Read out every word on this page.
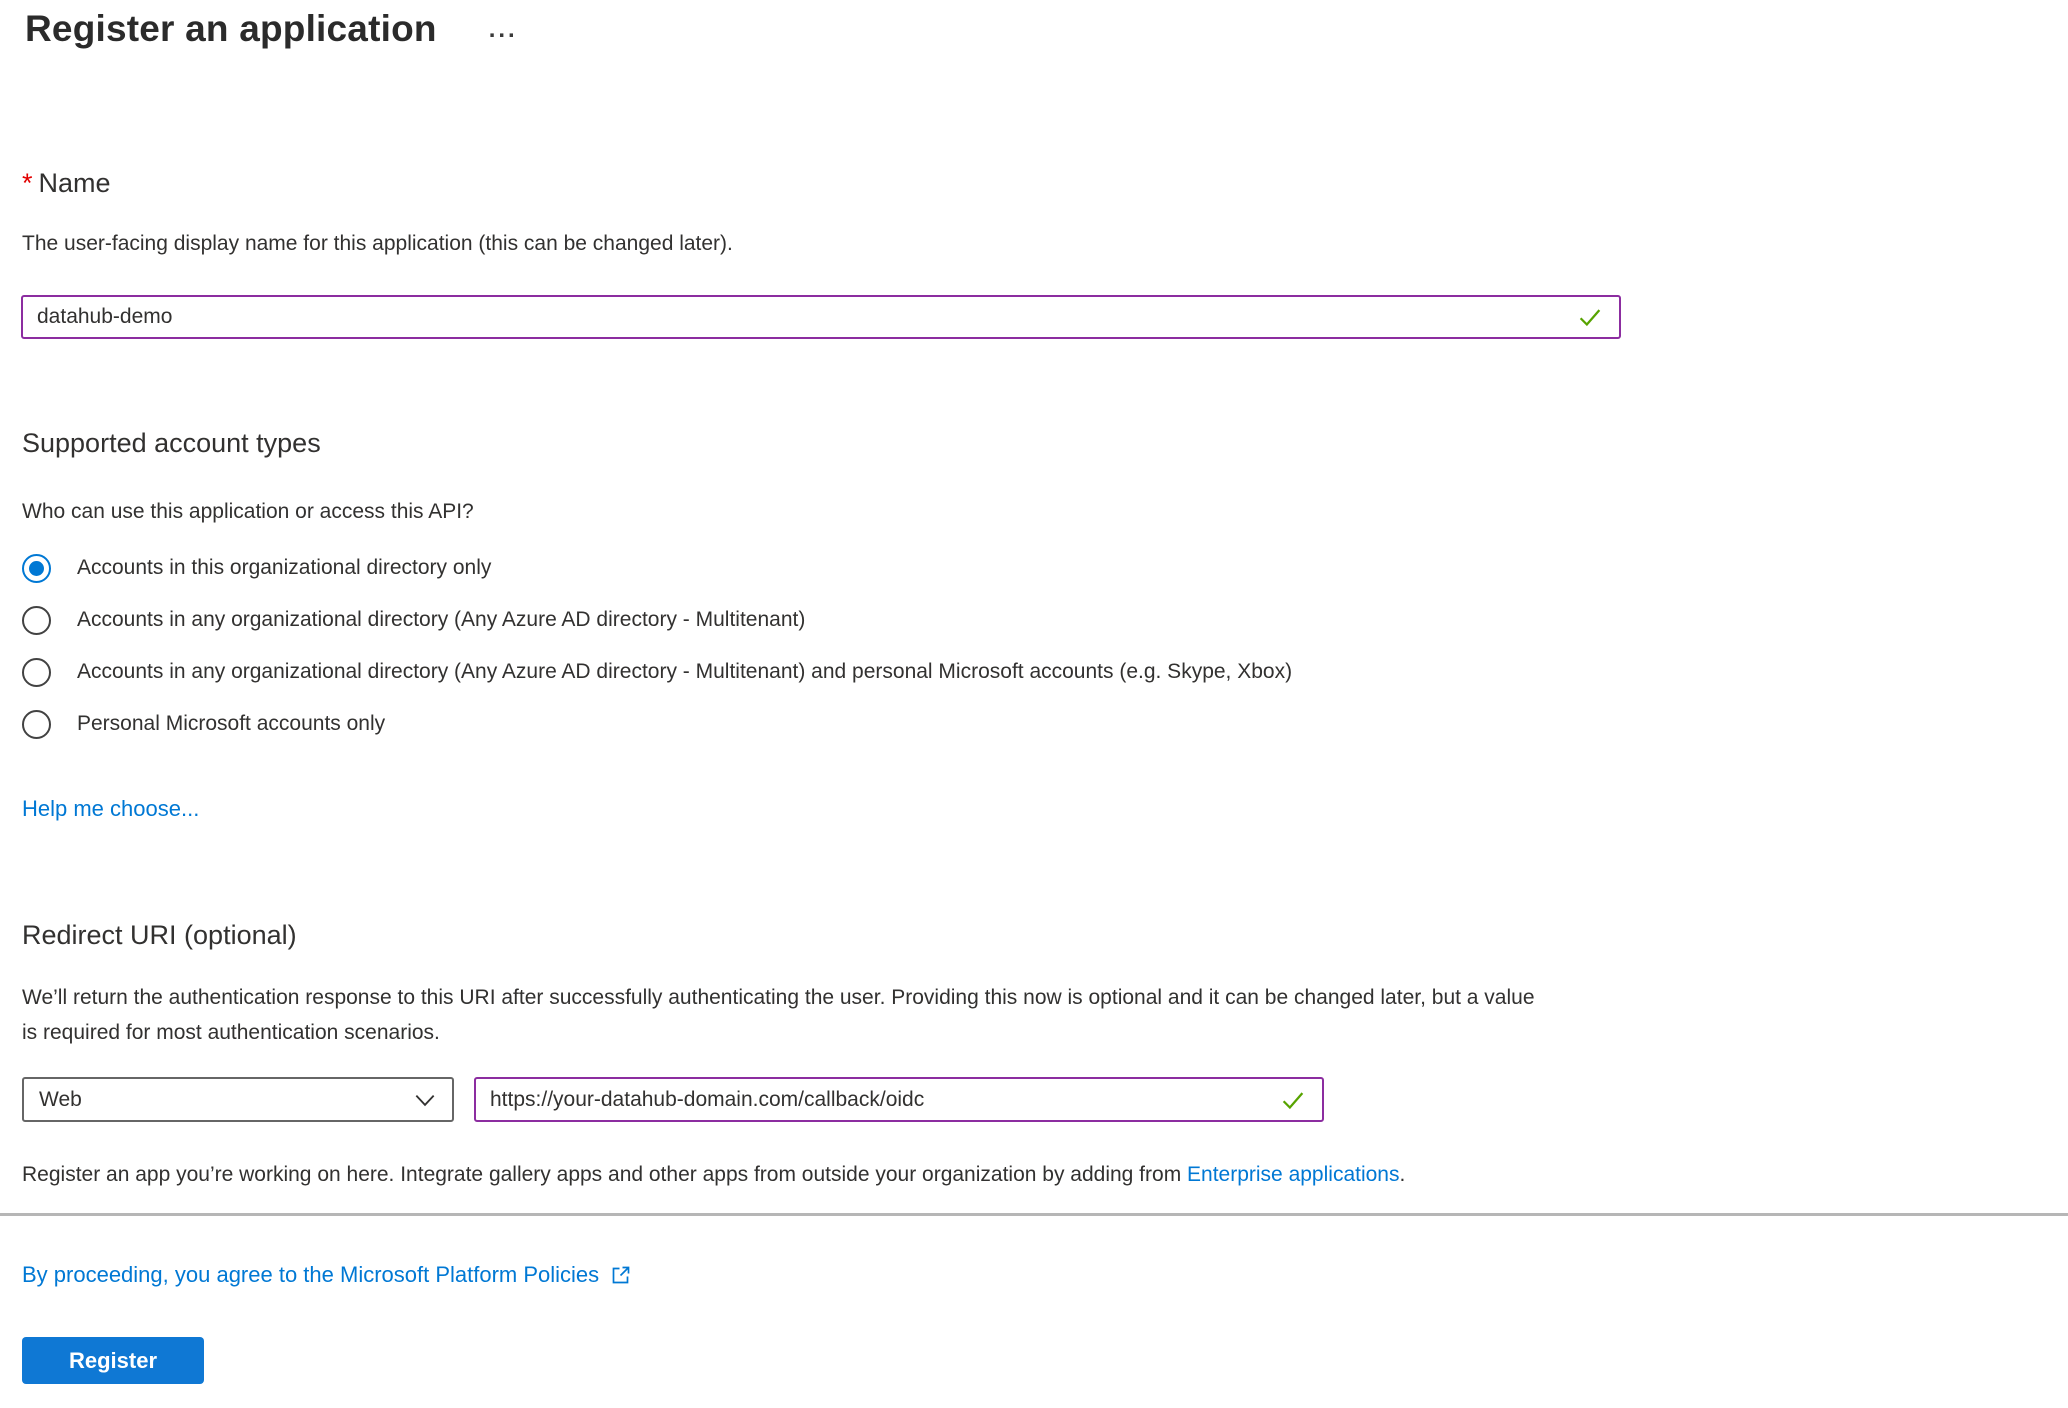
Register an application ...
* Name
The user-facing display name for this application (this can be changed later).
datahub-demo
Supported account types
Who can use this application or access this API?
Accounts in this organizational directory only
Accounts in any organizational directory (Any Azure AD directory - Multitenant)
Accounts in any organizational directory (Any Azure AD directory - Multitenant) and personal Microsoft accounts (e.g. Skype, Xbox)
Personal Microsoft accounts only
Help me choose...
Redirect URI (optional)
We’ll return the authentication response to this URI after successfully authenticating the user. Providing this now is optional and it can be changed later, but a value is required for most authentication scenarios.
Web
https://your-datahub-domain.com/callback/oidc
Register an app you’re working on here. Integrate gallery apps and other apps from outside your organization by adding from Enterprise applications.
By proceeding, you agree to the Microsoft Platform Policies
Register
